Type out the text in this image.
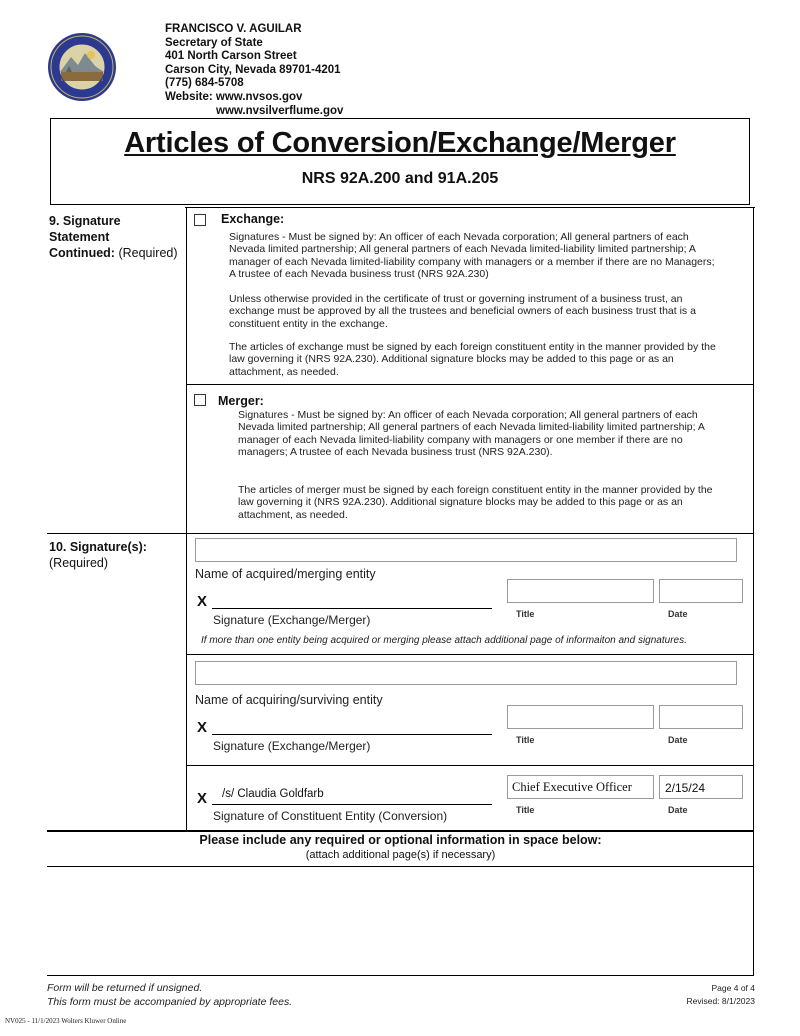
FRANCISCO V. AGUILAR
Secretary of State
401 North Carson Street
Carson City, Nevada 89701-4201
(775) 684-5708
Website: www.nvsos.gov
www.nvsilverflume.gov
Articles of Conversion/Exchange/Merger
NRS 92A.200 and 91A.205
9. Signature
Statement
Continued: (Required)
Exchange:
Signatures - Must be signed by: An officer of each Nevada corporation; All general partners of each Nevada limited partnership; All general partners of each Nevada limited-liability limited partnership; A manager of each Nevada limited-liability company with managers or a member if there are no Managers; A trustee of each Nevada business trust (NRS 92A.230)
Unless otherwise provided in the certificate of trust or governing instrument of a business trust, an exchange must be approved by all the trustees and beneficial owners of each business trust that is a constituent entity in the exchange.
The articles of exchange must be signed by each foreign constituent entity in the manner provided by the law governing it (NRS 92A.230). Additional signature blocks may be added to this page or as an attachment, as needed.
Merger:
Signatures - Must be signed by: An officer of each Nevada corporation; All general partners of each Nevada limited partnership; All general partners of each Nevada limited-liability limited partnership; A manager of each Nevada limited-liability company with managers or one member if there are no managers; A trustee of each Nevada business trust (NRS 92A.230).
The articles of merger must be signed by each foreign constituent entity in the manner provided by the law governing it (NRS 92A.230). Additional signature blocks may be added to this page or as an attachment, as needed.
10. Signature(s):
(Required)
Name of acquired/merging entity
X
Signature (Exchange/Merger)	Title	Date
If more than one entity being acquired or merging please attach additional page of informaiton and signatures.
Name of acquiring/surviving entity
X
Signature (Exchange/Merger)	Title	Date
X /s/ Claudia Goldfarb
Signature of Constituent Entity (Conversion)
Chief Executive Officer
Title
2/15/24
Date
Please include any required or optional information in space below:
(attach additional page(s) if necessary)
Form will be returned if unsigned.
This form must be accompanied by appropriate fees.
Page 4 of 4
Revised: 8/1/2023
NV025 - 11/1/2023 Wolters Kluwer Online
